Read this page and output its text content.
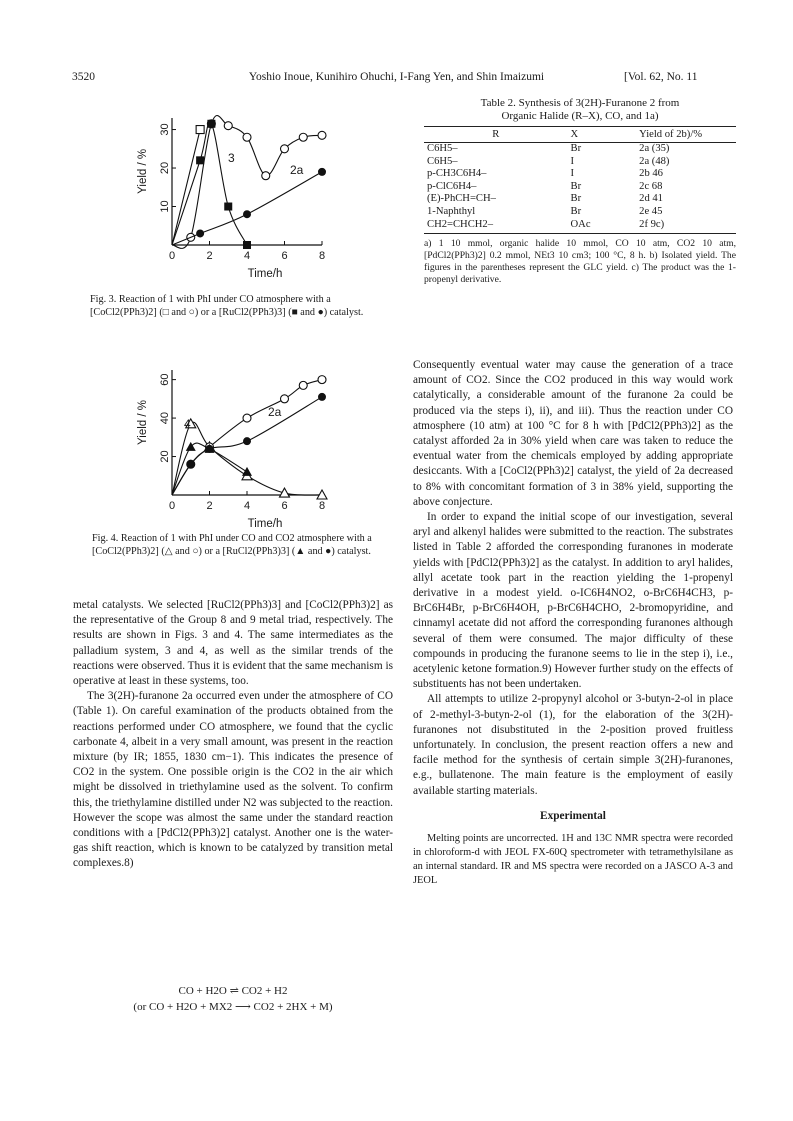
3520	Yoshio Inoue, Kunihiro Ohuchi, I-Fang Yen, and Shin Imaizumi	[Vol. 62, No. 11
0	2	4	6	8
10
20
30
Time/h
Yield / %	3
2a
Fig. 3. Reaction of 1 with PhI under CO atmosphere with a [CoCl2(PPh3)2] (□ and ○) or a [RuCl2(PPh3)3] (■ and ●) catalyst.
0	2	4	6	8
20
40
60
Time/h
Yield / %	4
2a
Fig. 4. Reaction of 1 with PhI under CO and CO2 atmosphere with a [CoCl2(PPh3)2] (△ and ○) or a [RuCl2(PPh3)3] (▲ and ●) catalyst.
Table 2. Synthesis of 3(2H)-Furanone 2 from
Organic Halide (R–X), CO, and 1a)
R	X	Yield of 2b)/%
C6H5–	Br	2a (35)
C6H5–	I	2a (48)
p-CH3C6H4–	I	2b 46
p-ClC6H4–	Br	2c 68
(E)-PhCH=CH–	Br	2d 41
1-Naphthyl	Br	2e 45
CH2=CHCH2–	OAc	2f 9c)
a) 1 10 mmol, organic halide 10 mmol, CO 10 atm, CO2 10 atm, [PdCl2(PPh3)2] 0.2 mmol, NEt3 10 cm3; 100 °C, 8 h. b) Isolated yield. The figures in the parentheses represent the GLC yield. c) The product was the 1-propenyl derivative.

metal catalysts. We selected [RuCl2(PPh3)3] and [CoCl2(PPh3)2] as the representative of the Group 8 and 9 metal triad, respectively. The results are shown in Figs. 3 and 4. The same intermediates as the palladium system, 3 and 4, as well as the similar trends of the reactions were observed. Thus it is evident that the same mechanism is operative at least in these systems, too.

The 3(2H)-furanone 2a occurred even under the atmosphere of CO (Table 1). On careful examination of the products obtained from the reactions performed under CO atmosphere, we found that the cyclic carbonate 4, albeit in a very small amount, was present in the reaction mixture (by IR; 1855, 1830 cm−1). This indicates the presence of CO2 in the system. One possible origin is the CO2 in the air which might be dissolved in triethylamine used as the solvent. To confirm this, the triethylamine distilled under N2 was subjected to the reaction. However the scope was almost the same under the standard reaction conditions with a [PdCl2(PPh3)2] catalyst. Another one is the water-gas shift reaction, which is known to be catalyzed by transition metal complexes.8)

CO + H2O ⇌ CO2 + H2
(or CO + H2O + MX2 ⟶ CO2 + 2HX + M)

Consequently eventual water may cause the generation of a trace amount of CO2. Since the CO2 produced in this way would work catalytically, a considerable amount of the furanone 2a could be produced via the steps i), ii), and iii). Thus the reaction under CO atmosphere (10 atm) at 100 °C for 8 h with [PdCl2(PPh3)2] as the catalyst afforded 2a in 30% yield when care was taken to reduce the eventual water from the chemicals employed by adding appropriate desiccants. With a [CoCl2(PPh3)2] catalyst, the yield of 2a decreased to 8% with concomitant formation of 3 in 38% yield, supporting the above conjecture.

In order to expand the initial scope of our investigation, several aryl and alkenyl halides were submitted to the reaction. The substrates listed in Table 2 afforded the corresponding furanones in moderate yields with [PdCl2(PPh3)2] as the catalyst. In addition to aryl halides, allyl acetate took part in the reaction yielding the 1-propenyl derivative in a modest yield. o-IC6H4NO2, o-BrC6H4CH3, p-BrC6H4Br, p-BrC6H4OH, p-BrC6H4CHO, 2-bromopyridine, and cinnamyl acetate did not afford the corresponding furanones although several of them were consumed. The major difficulty of these compounds in producing the furanone seems to lie in the step i), i.e., acetylenic ketone formation.9) However further study on the effects of substituents has not been undertaken.

All attempts to utilize 2-propynyl alcohol or 3-butyn-2-ol in place of 2-methyl-3-butyn-2-ol (1), for the elaboration of the 3(2H)-furanones not disubstituted in the 2-position proved fruitless unfortunately. In conclusion, the present reaction offers a new and facile method for the synthesis of certain simple 3(2H)-furanones, e.g., bullatenone. The main feature is the employment of easily available starting materials.

Experimental

Melting points are uncorrected. 1H and 13C NMR spectra were recorded in chloroform-d with JEOL FX-60Q spectrometer with tetramethylsilane as an internal standard. IR and MS spectra were recorded on a JASCO A-3 and JEOL
